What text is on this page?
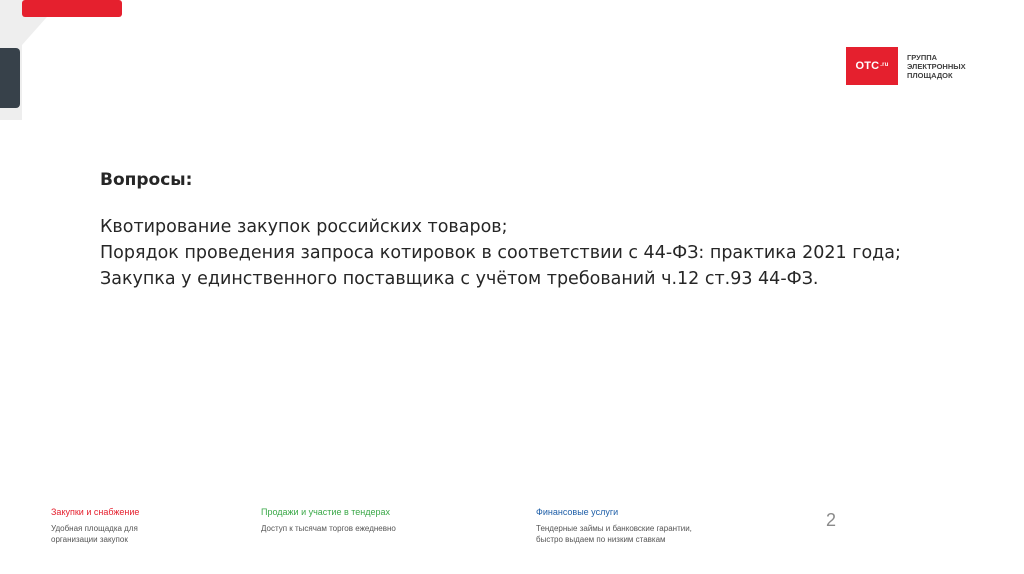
OTC .ru
ГРУППА
ЭЛЕКТРОННЫХ
ПЛОЩАДОК
Вопросы:
Квотирование закупок российских товаров;
Порядок проведения запроса котировок в соответствии с 44-ФЗ: практика 2021 года;
Закупка у единственного поставщика с учётом требований ч.12 ст.93 44-ФЗ.
Закупки и снабжение
Удобная площадка для
организации закупок
Продажи и участие в тендерах
Доступ к тысячам торгов ежедневно
Финансовые услуги
Тендерные займы и банковские гарантии,
быстро выдаем по низким ставкам
2
